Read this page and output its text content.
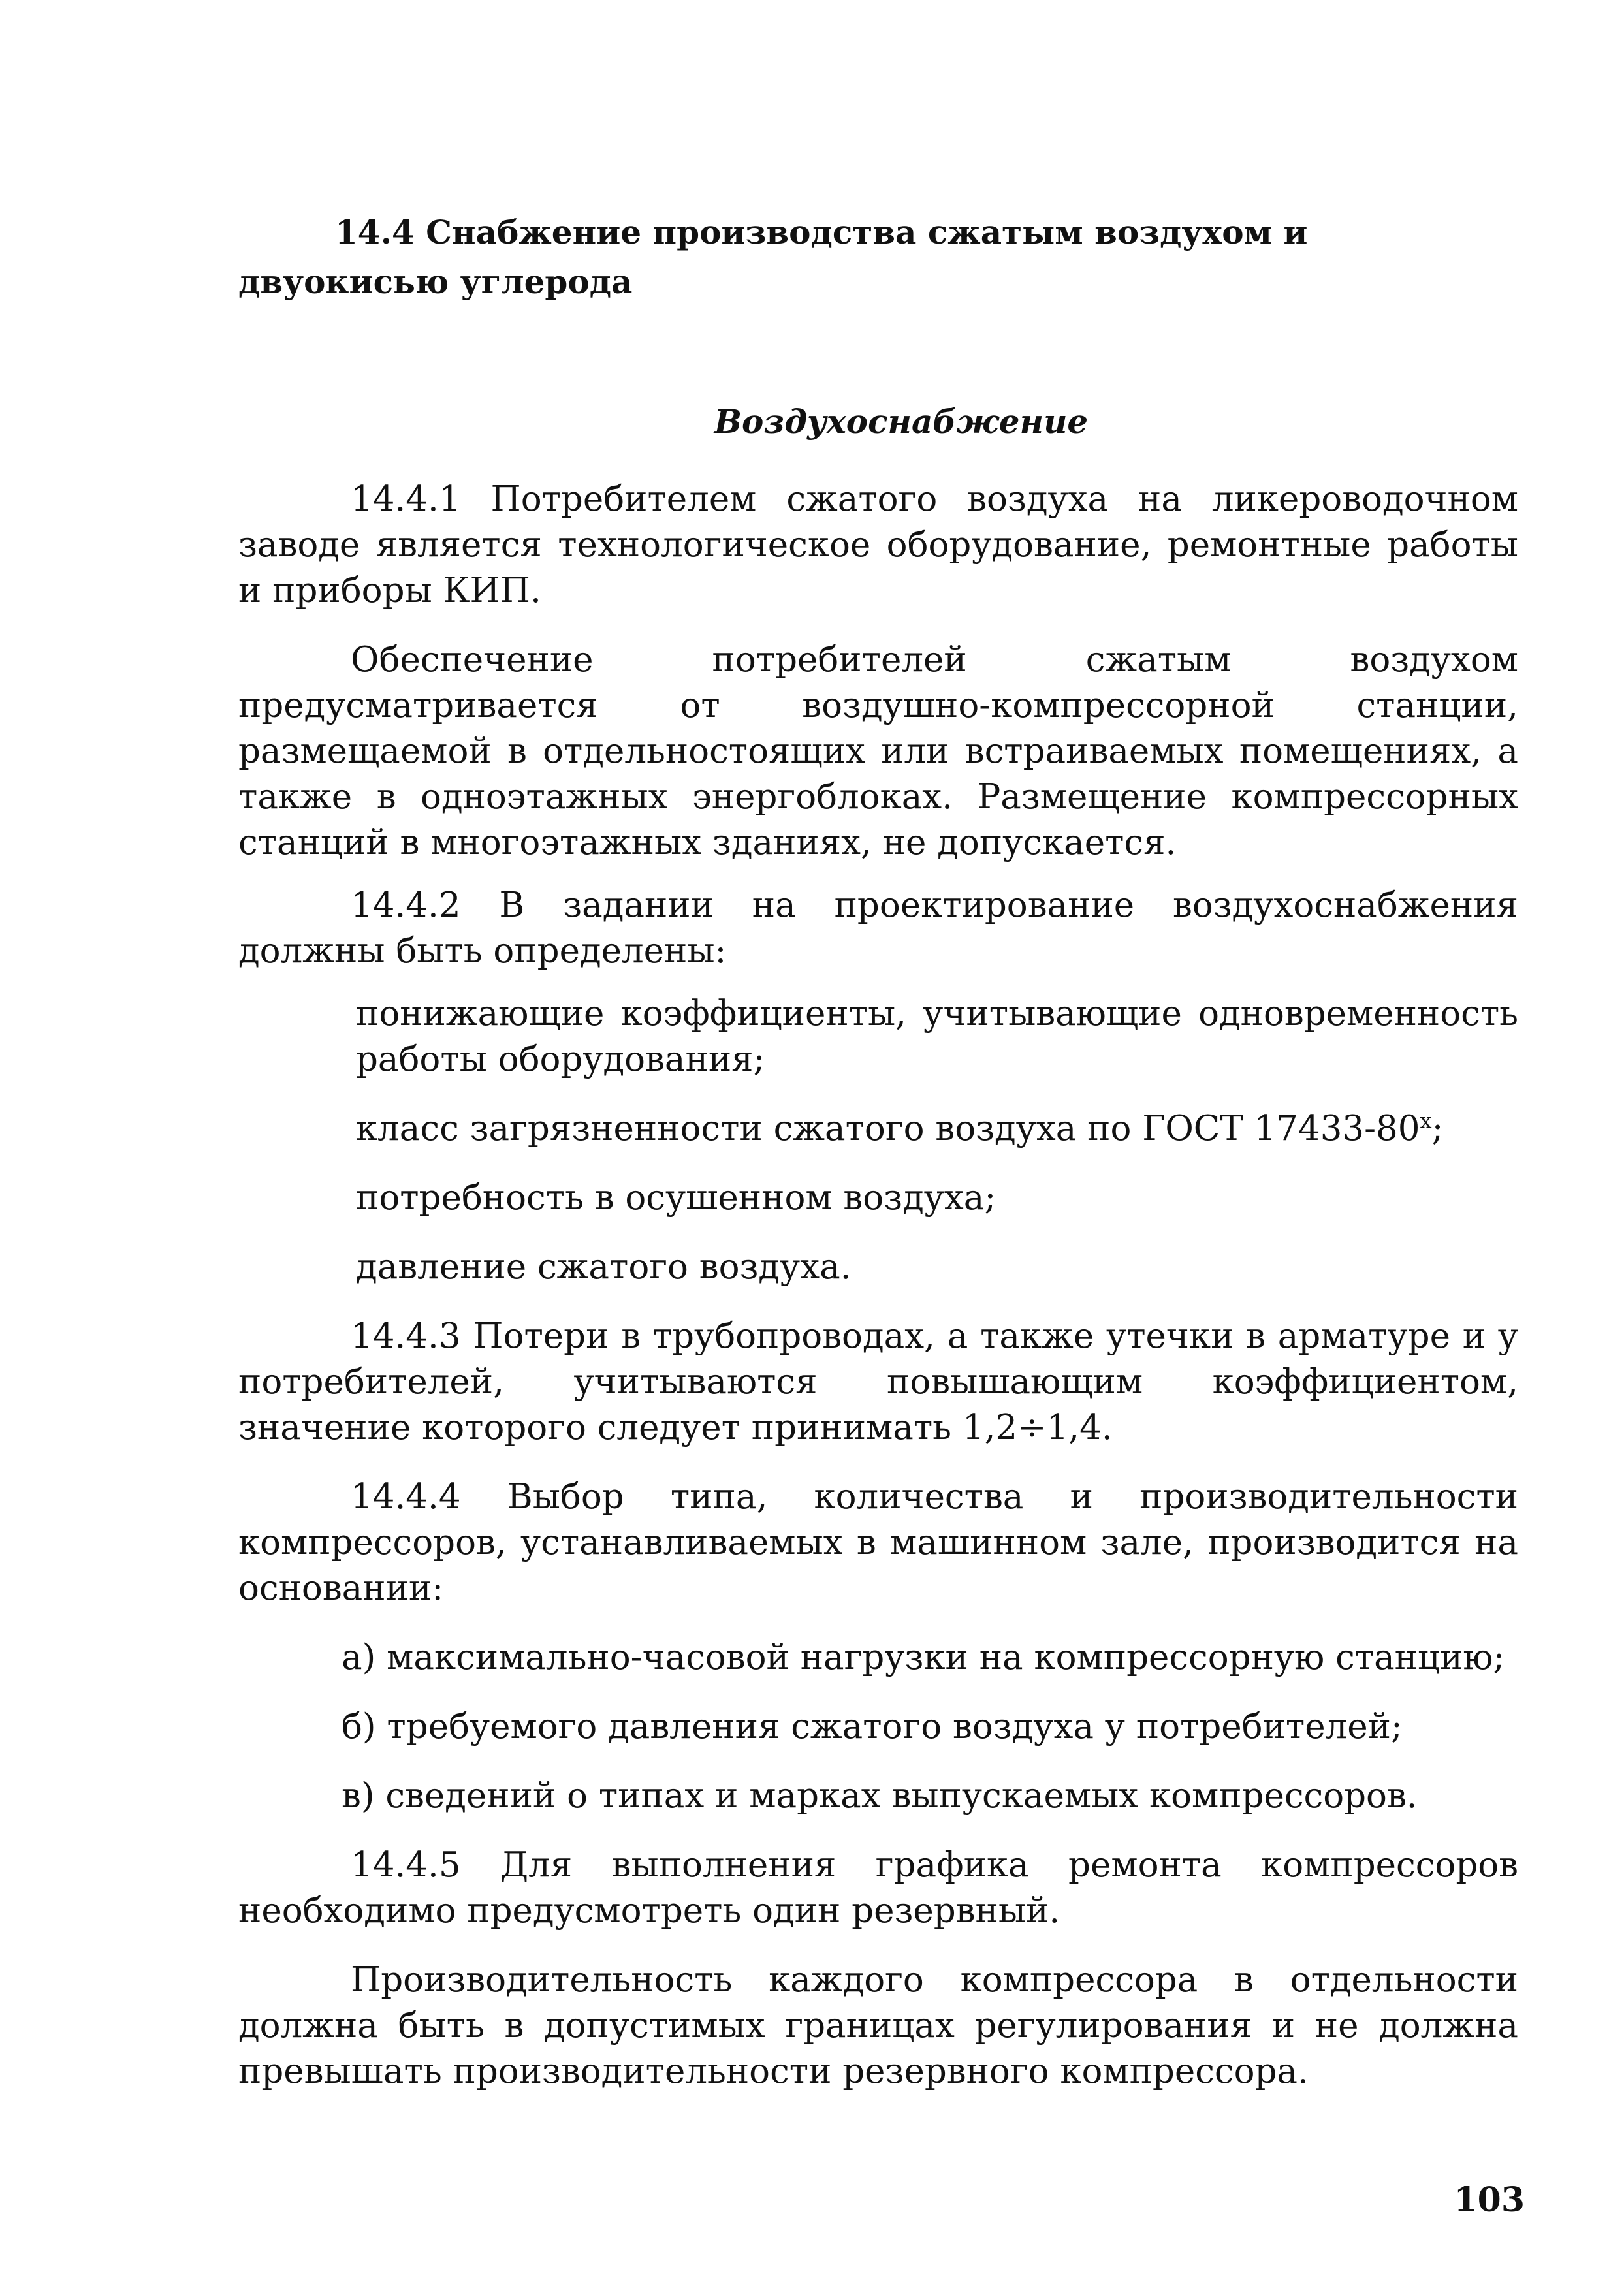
14.4 Снабжение производства сжатым воздухом и двуокисью углерода
Воздухоснабжение

14.4.1 Потребителем сжатого воздуха на ликероводочном заводе является технологическое оборудование, ремонтные работы и приборы КИП.

Обеспечение потребителей сжатым воздухом предусматривается от воздушно-компрессорной станции, размещаемой в отдельностоящих или встраиваемых помещениях, а также в одноэтажных энергоблоках. Размещение компрессорных станций в многоэтажных зданиях, не допускается.

14.4.2 В задании на проектирование воздухоснабжения должны быть определены:

понижающие коэффициенты, учитывающие одновременность работы оборудования;

класс загрязненности сжатого воздуха по ГОСТ $17433-80^х$;

потребность в осушенном воздуха;

давление сжатого воздуха.

14.4.3 Потери в трубопроводах, а также утечки в арматуре и у потребителей, учитываются повышающим коэффициентом, значение которого следует принимать 1,2÷1,4.

14.4.4 Выбор типа, количества и производительности компрессоров, устанавливаемых в машинном зале, производится на основании:

а) максимально-часовой нагрузки на компрессорную станцию;

б) требуемого давления сжатого воздуха у потребителей;

в) сведений о типах и марках выпускаемых компрессоров.

14.4.5 Для выполнения графика ремонта компрессоров необходимо предусмотреть один резервный.

Производительность каждого компрессора в отдельности должна быть в допустимых границах регулирования и не должна превышать производительности резервного компрессора.

103
